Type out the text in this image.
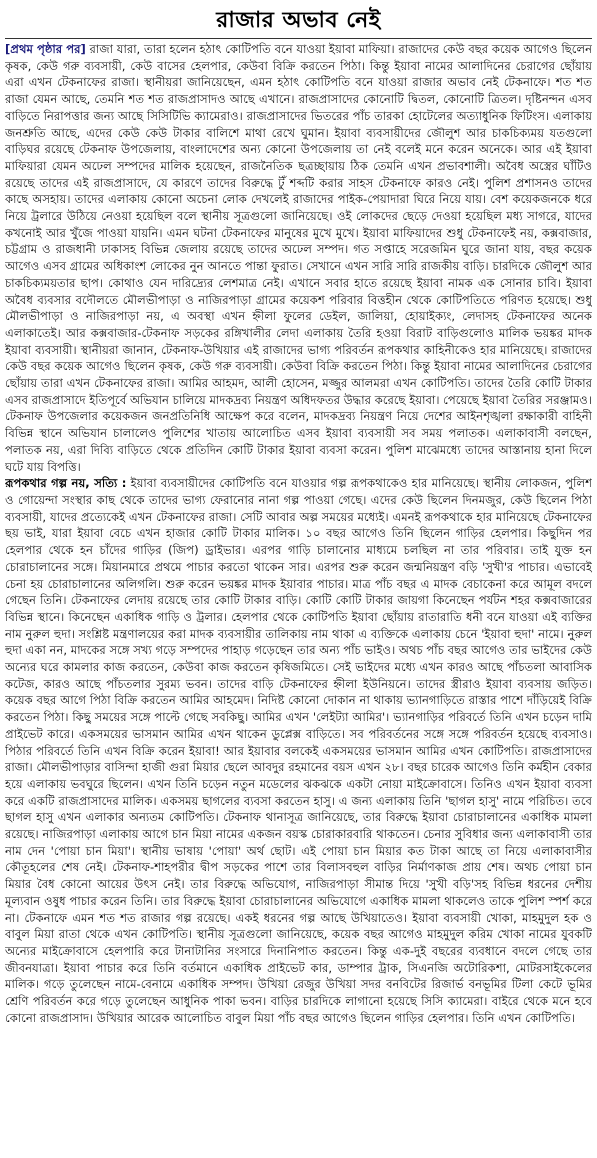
রাজার অভাব নেই

[প্রথম পৃষ্ঠার পর] রাজা যারা, তারা হলেন হঠাৎ কোটিপতি বনে যাওয়া ইয়াবা মাফিয়া। রাজাদের কেউ বছর কয়েক আগেও ছিলেন কৃষক, কেউ গরু ব্যবসায়ী, কেউ বাসের হেলপার, কেউবা বিক্রি করতেন পিঠা। কিন্তু ইয়াবা নামের আলাদিনের চেরাগের ছোঁয়ায় এরা এখন টেকনাফের রাজা। স্থানীয়রা জানিয়েছেন, এমন হঠাৎ কোটিপতি বনে যাওয়া রাজার অভাব নেই টেকনাফে। শত শত রাজা যেমন আছে, তেমনি শত শত রাজপ্রাসাদও আছে এখানে। রাজপ্রাসাদের কোনোটি দ্বিতল, কোনোটি ত্রিতল। দৃষ্টিনন্দন এসব বাড়িতে নিরাপত্তার জন্য আছে সিসিটিভি ক্যামেরাও। রাজপ্রাসাদের ভিতরের পাঁচ তারকা হোটেলের অত্যাধুনিক ফিটিংস। এলাকায় জনশ্রুতি আছে, এদের কেউ কেউ টাকার বালিশে মাথা রেখে ঘুমান। ইয়াবা ব্যবসায়ীদের জৌলুশ আর চাকচিক্যময় যতগুলো বাড়িঘর রয়েছে টেকনাফ উপজেলায়, বাংলাদেশের অন্য কোনো উপজেলায় তা নেই বলেই মনে করেন অনেকে। আর এই ইয়াবা মাফিয়ারা যেমন অঢেল সম্পদের মালিক হয়েছেন, রাজনৈতিক ছত্রচ্ছায়ায় ঠিক তেমনি এখন প্রভাবশালী। অবৈধ অস্ত্রের ঘাঁটিও রয়েছে তাদের এই রাজপ্রাসাদে, যে কারণে তাদের বিরুদ্ধে টুঁ শব্দটি করার সাহস টেকনাফে কারও নেই। পুলিশ প্রশাসনও তাদের কাছে অসহায়। তাদের এলাকায় কোনো অচেনা লোক দেখলেই রাজাদের পাইক-পেয়াদারা ঘিরে নিয়ে যায়। বেশ কয়েকজনকে ধরে নিয়ে ট্রলারে উঠিয়ে নেওয়া হয়েছিল বলে স্থানীয় সূত্রগুলো জানিয়েছে। ওই লোকদের ছেড়ে দেওয়া হয়েছিল মধ্য সাগরে, যাদের কখনোই আর খুঁজে পাওয়া যায়নি। এমন ঘটনা টেকনাফের মানুষের মুখে মুখে। ইয়াবা মাফিয়াদের শুধু টেকনাফেই নয়, কক্সবাজার, চট্টগ্রাম ও রাজধানী ঢাকাসহ বিভিন্ন জেলায় রয়েছে তাদের অঢেল সম্পদ। গত সপ্তাহে সরেজমিন ঘুরে জানা যায়, বছর কয়েক আগেও এসব গ্রামের অধিকাংশ লোকের নুন আনতে পান্তা ফুরাত। সেখানে এখন সারি সারি রাজকীয় বাড়ি। চারদিকে জৌলুশ আর চাকচিক্যময়তার ছাপ। কোথাও যেন দারিদ্র্যের লেশমাত্র নেই। এখানে সবার হাতে রয়েছে ইয়াবা নামক এক সোনার চাবি। ইয়াবা অবৈধ ব্যবসার বদৌলতে মৌলভীপাড়া ও নাজিরপাড়া গ্রামের কয়েকশ পরিবার বিত্তহীন থেকে কোটিপতিতে পরিণত হয়েছে। শুধু মৌলভীপাড়া ও নাজিরপাড়া নয়, এ অবস্থা এখন হ্নীলা ফুলের ডেইল, জালিয়া, হোয়াইক্যং, লেদাসহ টেকনাফের অনেক এলাকাতেই। আর কক্সবাজার-টেকনাফ সড়কের রঙ্গিখালীর লেদা এলাকায় তৈরি হওয়া বিরাট বাড়িগুলোও মালিক ভয়ঙ্কর মাদক ইয়াবা ব্যবসায়ী। স্থানীয়রা জানান, টেকনাফ-উখিয়ার এই রাজাদের ভাগ্য পরিবর্তন রূপকথার কাহিনীকেও হার মানিয়েছে। রাজাদের কেউ বছর কয়েক আগেও ছিলেন কৃষক, কেউ গরু ব্যবসায়ী। কেউবা বিক্রি করতেন পিঠা। কিন্তু ইয়াবা নামের আলাদিনের চেরাগের ছোঁয়ায় তারা এখন টেকনাফের রাজা। আমির আহমদ, আলী হোসেন, মজ্জুর আলমরা এখন কোটিপতি। তাদের তৈরি কোটি টাকার এসব রাজপ্রাসাদে ইতিপূর্বে অভিযান চালিয়ে মাদকদ্রব্য নিয়ন্ত্রণ অধিদফতর উদ্ধার করেছে ইয়াবা। পেয়েছে ইয়াবা তৈরির সরঞ্জামও। টেকনাফ উপজেলার কয়েকজন জনপ্রতিনিধি আক্ষেপ করে বলেন, মাদকদ্রব্য নিয়ন্ত্রণ নিয়ে দেশের আইনশৃঙ্খলা রক্ষাকারী বাহিনী বিভিন্ন স্থানে অভিযান চালালেও পুলিশের খাতায় আলোচিত এসব ইয়াবা ব্যবসায়ী সব সময় পলাতক। এলাকাবাসী বলছেন, পলাতক নয়, এরা দিব্যি বাড়িতে থেকে প্রতিদিন কোটি টাকার ইয়াবা ব্যবসা করেন। পুলিশ মাঝেমধ্যে তাদের আস্তানায় হানা দিলে ঘটে যায় বিপত্তি।

রূপকথার গল্প নয়, সত্যি : ইয়াবা ব্যবসায়ীদের কোটিপতি বনে যাওয়ার গল্প রূপকথাকেও হার মানিয়েছে। স্থানীয় লোকজন, পুলিশ ও গোয়েন্দা সংস্থার কাছ থেকে তাদের ভাগ্য ফেরানোর নানা গল্প পাওয়া গেছে। এদের কেউ ছিলেন দিনমজুর, কেউ ছিলেন পিঠা ব্যবসায়ী, যাদের প্রত্যেকেই এখন টেকনাফের রাজা। সেটি আবার অল্প সময়ের মধ্যেই। এমনই রূপকথাকে হার মানিয়েছে টেকনাফের ছয় ভাই, যারা ইয়াবা বেচে এখন হাজার কোটি টাকার মালিক। ১০ বছর আগেও তিনি ছিলেন গাড়ির হেলপার। কিছুদিন পর হেলপার থেকে হন চাঁদের গাড়ির (জিপ) ড্রাইভার। এরপর গাড়ি চালানোর মাধ্যমে চলছিল না তার পরিবার। তাই যুক্ত হন চোরাচালানের সঙ্গে। মিয়ানমারে প্রথমে পাচার করতো থাকেন সার। এরপর শুরু করেন জন্মনিয়ন্ত্রণ বড়ি 'সুখী'র পাচার। এভাবেই চেনা হয় চোরাচালানের অলিগলি। শুরু করেন ভয়ঙ্কর মাদক ইয়াবার পাচার। মাত্র পাঁচ বছর এ মাদক বেচাকেনা করে আমূল বদলে গেছেন তিনি। টেকনাফের লেদায় রয়েছে তার কোটি টাকার বাড়ি। কোটি কোটি টাকার জায়গা কিনেছেন পর্যটন শহর কক্সবাজারের বিভিন্ন স্থানে। কিনেছেন একাধিক গাড়ি ও ট্রলার। হেলপার থেকে কোটিপতি ইয়াবা ছোঁয়ায় রাতারাতি ধনী বনে যাওয়া এই ব্যক্তির নাম নুরুল হুদা। সংশ্লিষ্ট মন্ত্রণালয়ের করা মাদক ব্যবসায়ীর তালিকায় নাম থাকা এ ব্যক্তিকে এলাকায় চেনে 'ইয়াবা হুদা' নামে। নুরুল হুদা একা নন, মাদকের সঙ্গে সখ্য গড়ে সম্পদের পাহাড় গড়েছেন তার অন্য পাঁচ ভাইও। অথচ পাঁচ বছর আগেও তার ভাইদের কেউ অন্যের ঘরে কামলার কাজ করতেন, কেউবা কাজ করতেন কৃষিজমিতে। সেই ভাইদের মধ্যে এখন কারও আছে পাঁচতলা আবাসিক কটেজ, কারও আছে পাঁচতলার সুরম্য ভবন। তাদের বাড়ি টেকনাফের হ্নীলা ইউনিয়নে। তাদের স্ত্রীরাও ইয়াবা ব্যবসায় জড়িত। কয়েক বছর আগে পিঠা বিক্রি করতেন আমির আহমেদ। নিদিষ্ট কোনো দোকান না থাকায় ভ্যানগাড়িতে রাস্তার পাশে দাঁড়িয়েই বিক্রি করতেন পিঠা। কিছু সময়ের সঙ্গে পাল্টে গেছে সবকিছু। আমির এখন 'লেইট্যা আমির'। ভ্যানগাড়ির পরিবর্তে তিনি এখন চড়েন দামি প্রাইভেট কারে। একসময়ের ভাসমান আমির এখন থাকেন ডুপ্লেক্স বাড়িতে। সব পরিবর্তনের সঙ্গে সঙ্গে পরিবর্তন হয়েছে ব্যবসাও। পিঠার পরিবর্তে তিনি এখন বিক্রি করেন ইয়াবা! আর ইয়াবার বলকেই একসময়ের ভাসমান আমির এখন কোটিপতি। রাজপ্রাসাদের রাজা। মৌলভীপাড়ার বাসিন্দা হাজী গুরা মিয়ার ছেলে আবদুর রহমানের বয়স এখন ২৮। বছর চারেক আগেও তিনি কর্মহীন বেকার হয়ে এলাকায় ভবঘুরে ছিলেন। এখন তিনি চড়েন নতুন মডেলের ঝকঝকে একটা নোয়া মাইক্রোবাসে। তিনিও এখন ইয়াবা ব্যবসা করে একটি রাজপ্রাসাদের মালিক। একসময় ছাগলের ব্যবসা করতেন হাসু। এ জন্য এলাকায় তিনি 'ছাগল হাসু' নামে পরিচিত। তবে ছাগল হাসু এখন এলাকার অন্যতম কোটিপতি। টেকনাফ থানাসূত্র জানিয়েছে, তার বিরুদ্ধে ইয়াবা চোরাচালানের একাধিক মামলা রয়েছে। নাজিরপাড়া এলাকায় আগে চান মিয়া নামের একজন বয়স্ক চোরাকারবারি থাকতেন। চেনার সুবিধার জন্য এলাকাবাসী তার নাম দেন 'পোয়া চান মিয়া'। স্থানীয় ভাষায় 'পোয়া' অর্থ ছোট। এই পোয়া চান মিয়ার কত টাকা আছে তা নিয়ে এলাকাবাসীর কৌতূহলের শেষ নেই। টেকনাফ-শাহপরীর দ্বীপ সড়কের পাশে তার বিলাসবহুল বাড়ির নির্মাণকাজ প্রায় শেষ। অথচ পোয়া চান মিয়ার বৈধ কোনো আয়ের উৎস নেই। তার বিরুদ্ধে অভিযোগ, নাজিরপাড়া সীমান্ত দিয়ে 'সুখী বড়ি'সহ বিভিন্ন ধরনের দেশীয় মূল্যবান ওষুধ পাচার করেন তিনি। তার বিরুদ্ধে ইয়াবা চোরাচালানের অভিযোগে একাধিক মামলা থাকলেও তাকে পুলিশ স্পর্শ করে না। টেকনাফে এমন শত শত রাজার গল্প রয়েছে। একই ধরনের গল্প আছে উখিয়াতেও। ইয়াবা ব্যবসায়ী খোকা, মাহমুদুল হক ও বাবুল মিয়া রাতা থেকে এখন কোটিপতি। স্থানীয় সূত্রগুলো জানিয়েছে, কয়েক বছর আগেও মাহমুদুল করিম খোকা নামের যুবকটি অন্যের মাইক্রোবাসে হেলপারি করে টানাটানির সংসারে দিনানিপাত করতেন। কিন্তু এক-দুই বছরের ব্যবধানে বদলে গেছে তার জীবনযাত্রা। ইয়াবা পাচার করে তিনি বর্তমানে একাধিক প্রাইভেট কার, ডাম্পার ট্রাক, সিএনজি অটোরিকশা, মোটরসাইকেলের মালিক। গড়ে তুলেছেন নামে-বেনামে একাধিক সম্পদ। উখিয়া রেজুর উখিয়া সদর বনবিটের রিজার্ভ বনভূমির টিলা কেটে ভূমির শ্রেণি পরিবর্তন করে গড়ে তুলেছেন আধুনিক পাকা ভবন। বাড়ির চারদিকে লাগানো হয়েছে সিসি ক্যামেরা। বাইরে থেকে মনে হবে কোনো রাজপ্রাসাদ। উখিয়ার আরেক আলোচিত বাবুল মিয়া পাঁচ বছর আগেও ছিলেন গাড়ির হেলপার। তিনি এখন কোটিপতি।
